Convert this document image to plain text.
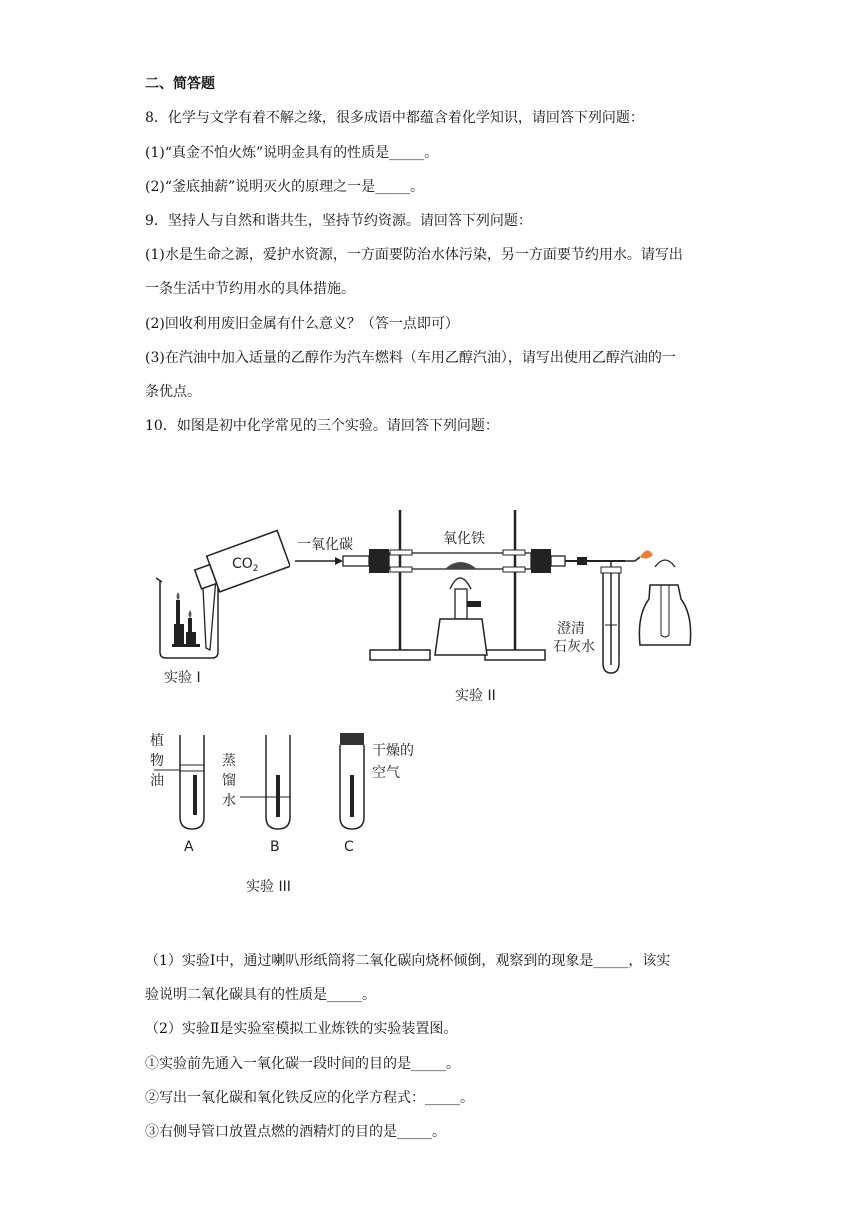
二、简答题
8．化学与文学有着不解之缘，很多成语中都蕴含着化学知识，请回答下列问题：
(1)“真金不怕火炼”说明金具有的性质是_____。
(2)“釜底抽薪”说明灭火的原理之一是_____。
9．坚持人与自然和谐共生，坚持节约资源。请回答下列问题：
(1)水是生命之源，爱护水资源，一方面要防治水体污染，另一方面要节约用水。请写出
一条生活中节约用水的具体措施。
(2)回收利用废旧金属有什么意义？（答一点即可）
(3)在汽油中加入适量的乙醇作为汽车燃料（车用乙醇汽油），请写出使用乙醇汽油的一
条优点。
10．如图是初中化学常见的三个实验。请回答下列问题：
$CO_2$
实验 I
一氧化碳	氧化铁
澄清
石灰水
实验 II
植
物
油
A
蒸
馏
水
B
干燥的
空气
C
实验 III
（1）实验Ⅰ中，通过喇叭形纸筒将二氧化碳向烧杯倾倒，观察到的现象是_____，该实
验说明二氧化碳具有的性质是_____。
（2）实验Ⅱ是实验室模拟工业炼铁的实验装置图。
①实验前先通入一氧化碳一段时间的目的是_____。
②写出一氧化碳和氧化铁反应的化学方程式：_____。
③右侧导管口放置点燃的酒精灯的目的是_____。
